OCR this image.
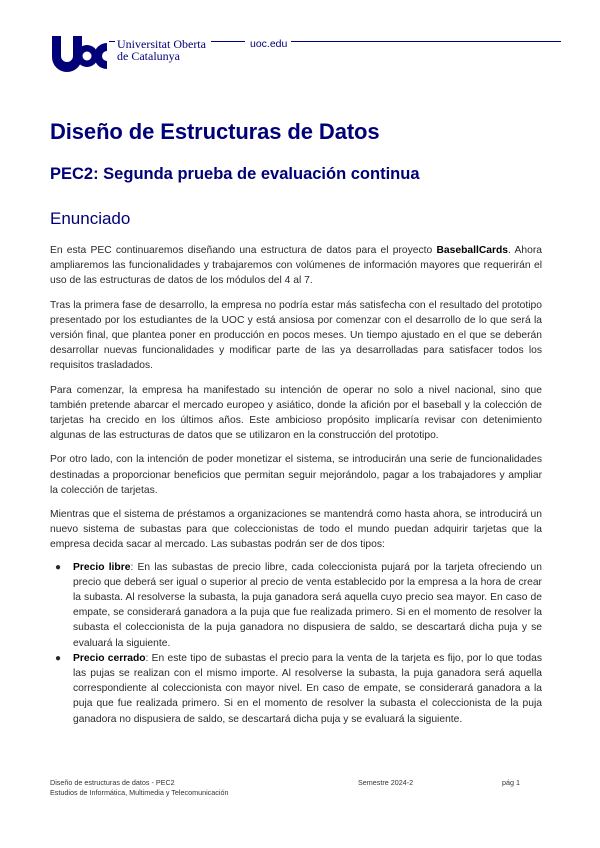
Universitat Oberta
de Catalunya
uoc.edu
Diseño de Estructuras de Datos
PEC2: Segunda prueba de evaluación continua
Enunciado

En esta PEC continuaremos diseñando una estructura de datos para el proyecto BaseballCards. Ahora ampliaremos las funcionalidades y trabajaremos con volúmenes de información mayores que requerirán el uso de las estructuras de datos de los módulos del 4 al 7.

Tras la primera fase de desarrollo, la empresa no podría estar más satisfecha con el resultado del prototipo presentado por los estudiantes de la UOC y está ansiosa por comenzar con el desarrollo de lo que será la versión final, que plantea poner en producción en pocos meses. Un tiempo ajustado en el que se deberán desarrollar nuevas funcionalidades y modificar parte de las ya desarrolladas para satisfacer todos los requisitos trasladados.

Para comenzar, la empresa ha manifestado su intención de operar no solo a nivel nacional, sino que también pretende abarcar el mercado europeo y asiático, donde la afición por el baseball y la colección de tarjetas ha crecido en los últimos años. Este ambicioso propósito implicaría revisar con detenimiento algunas de las estructuras de datos que se utilizaron en la construcción del prototipo.

Por otro lado, con la intención de poder monetizar el sistema, se introducirán una serie de funcionalidades destinadas a proporcionar beneficios que permitan seguir mejorándolo, pagar a los trabajadores y ampliar la colección de tarjetas.

Mientras que el sistema de préstamos a organizaciones se mantendrá como hasta ahora, se introducirá un nuevo sistema de subastas para que coleccionistas de todo el mundo puedan adquirir tarjetas que la empresa decida sacar al mercado. Las subastas podrán ser de dos tipos:

● Precio libre: En las subastas de precio libre, cada coleccionista pujará por la tarjeta ofreciendo un precio que deberá ser igual o superior al precio de venta establecido por la empresa a la hora de crear la subasta. Al resolverse la subasta, la puja ganadora será aquella cuyo precio sea mayor. En caso de empate, se considerará ganadora a la puja que fue realizada primero. Si en el momento de resolver la subasta el coleccionista de la puja ganadora no dispusiera de saldo, se descartará dicha puja y se evaluará la siguiente.
● Precio cerrado: En este tipo de subastas el precio para la venta de la tarjeta es fijo, por lo que todas las pujas se realizan con el mismo importe. Al resolverse la subasta, la puja ganadora será aquella correspondiente al coleccionista con mayor nivel. En caso de empate, se considerará ganadora a la puja que fue realizada primero. Si en el momento de resolver la subasta el coleccionista de la puja ganadora no dispusiera de saldo, se descartará dicha puja y se evaluará la siguiente.
Diseño de estructuras de datos - PEC2
Estudios de Informática, Multimedia y Telecomunicación
Semestre 2024-2	pág 1
